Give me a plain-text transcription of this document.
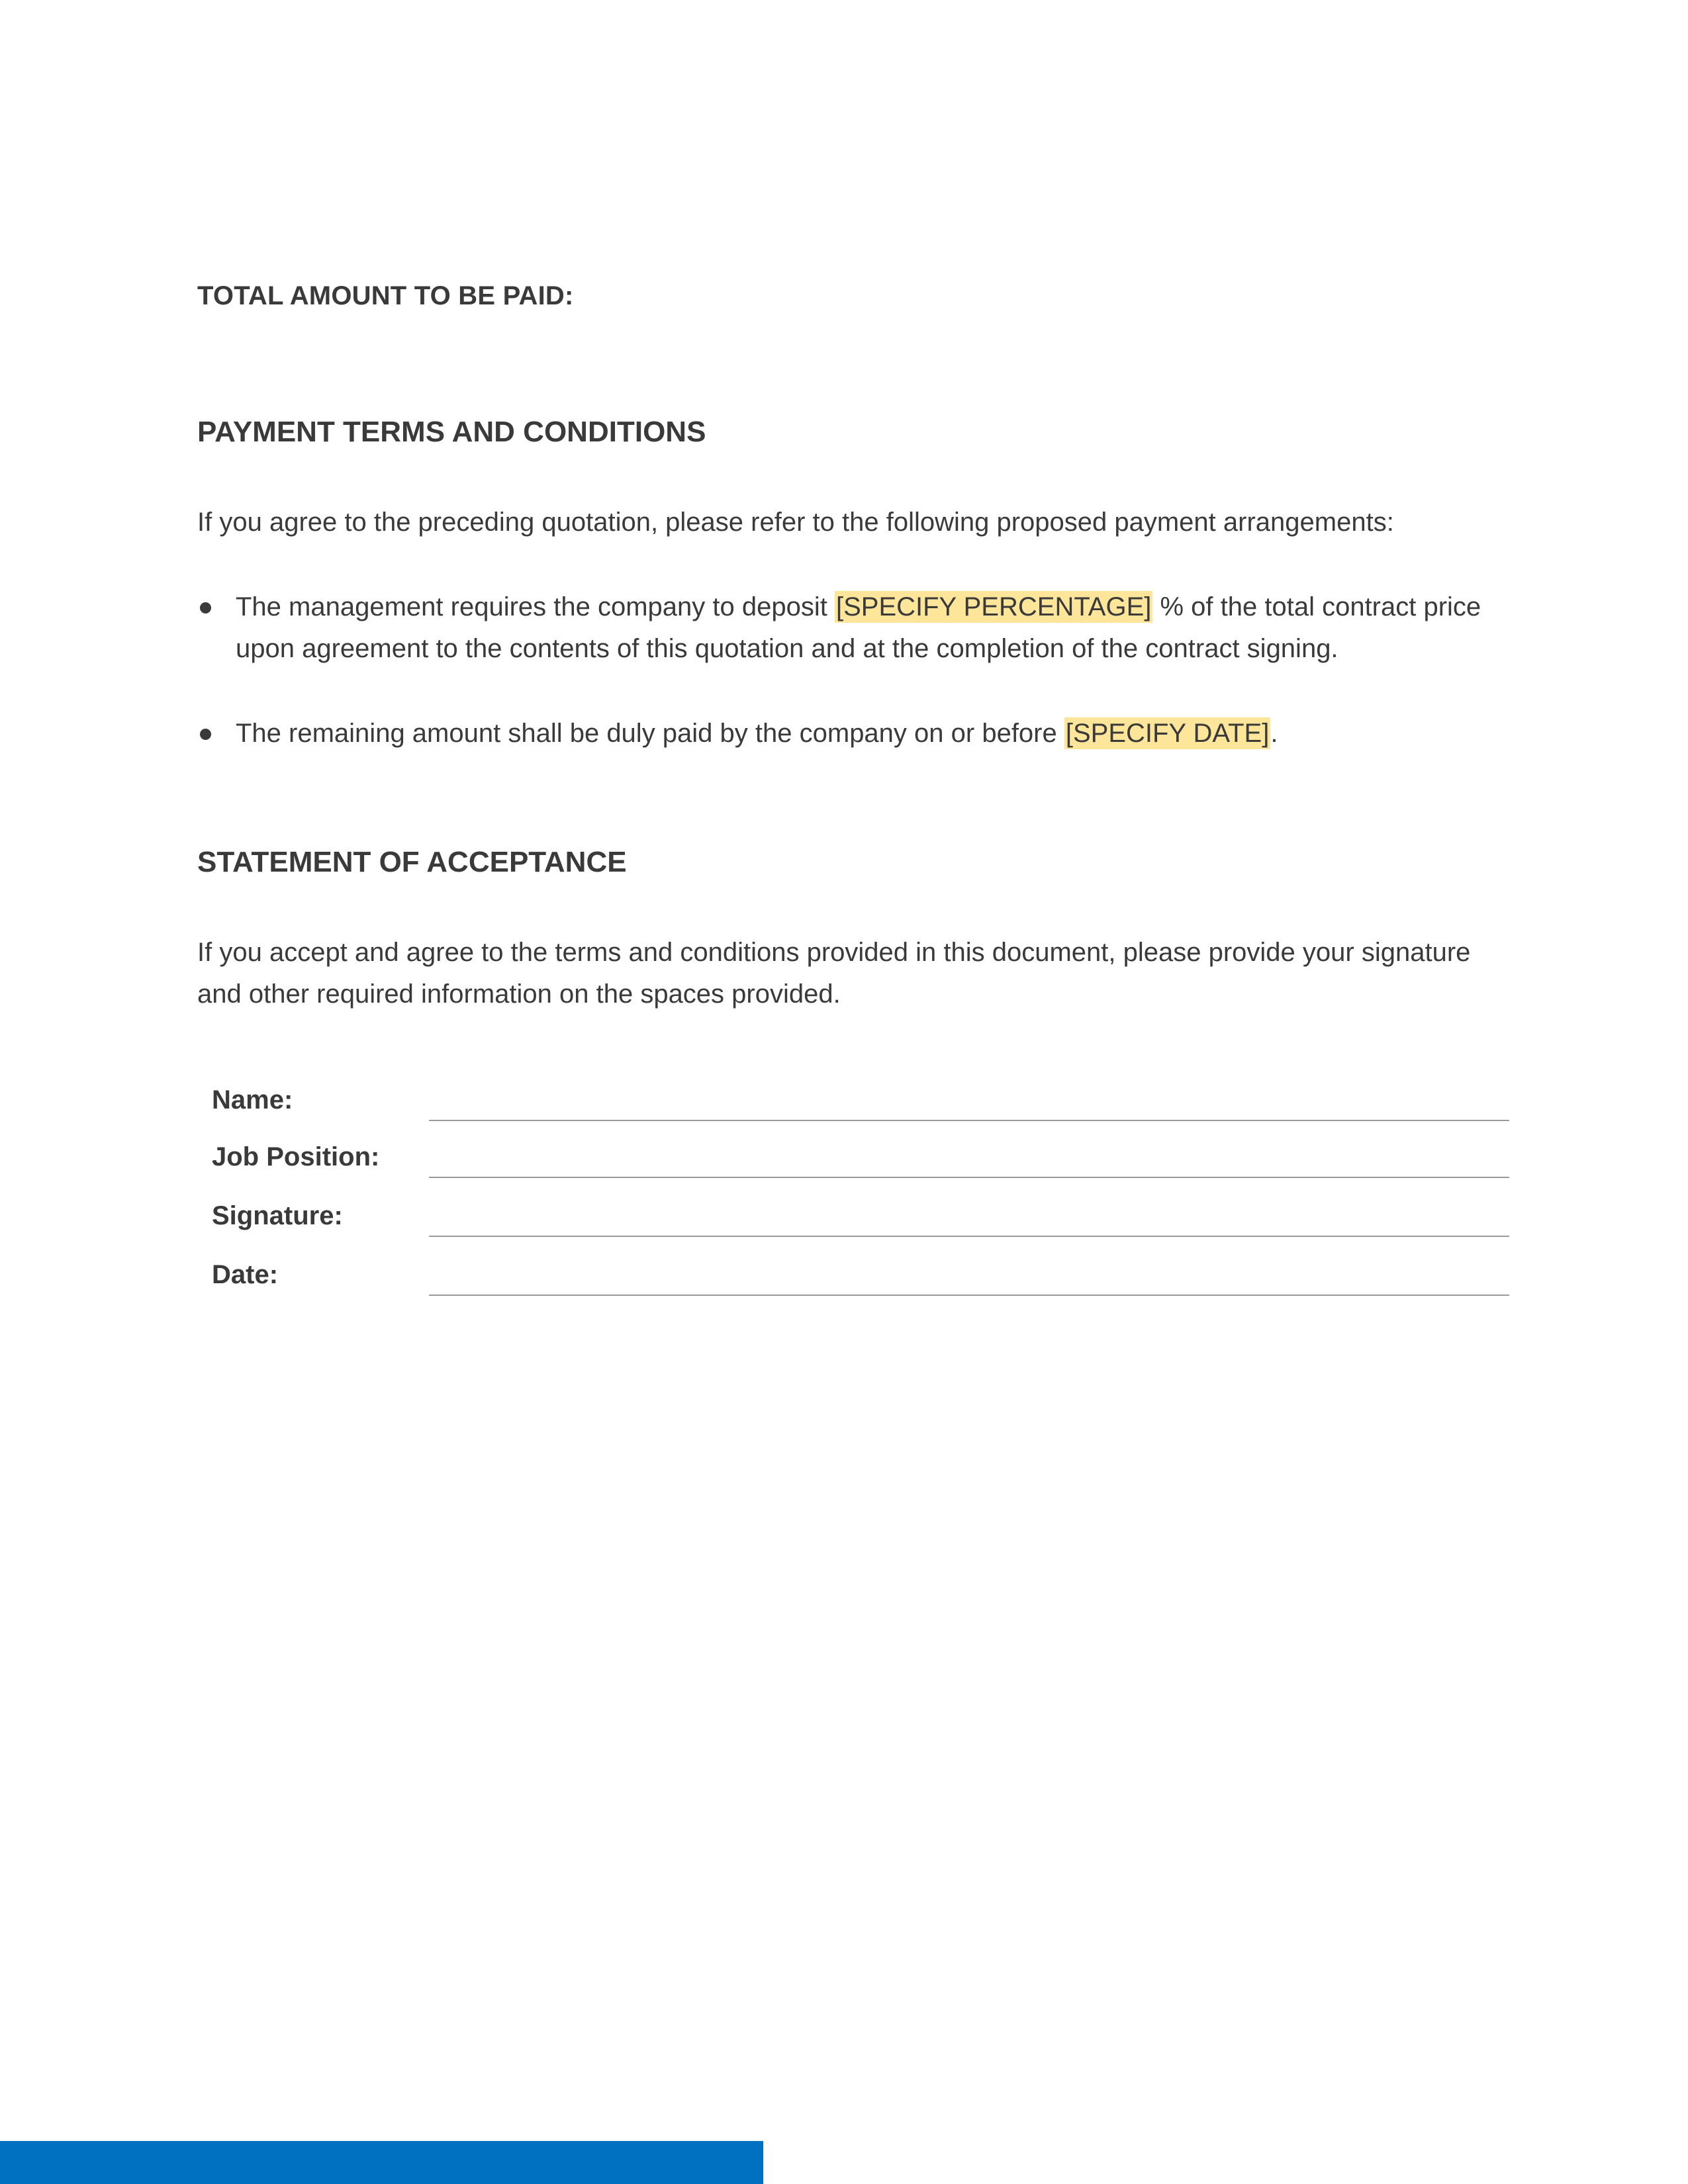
TOTAL AMOUNT TO BE PAID:
PAYMENT TERMS AND CONDITIONS
If you agree to the preceding quotation, please refer to the following proposed payment arrangements:
The management requires the company to deposit [SPECIFY PERCENTAGE] % of the total contract price upon agreement to the contents of this quotation and at the completion of the contract signing.
The remaining amount shall be duly paid by the company on or before [SPECIFY DATE].
STATEMENT OF ACCEPTANCE
If you accept and agree to the terms and conditions provided in this document, please provide your signature and other required information on the spaces provided.
Name:
Job Position:
Signature:
Date:
